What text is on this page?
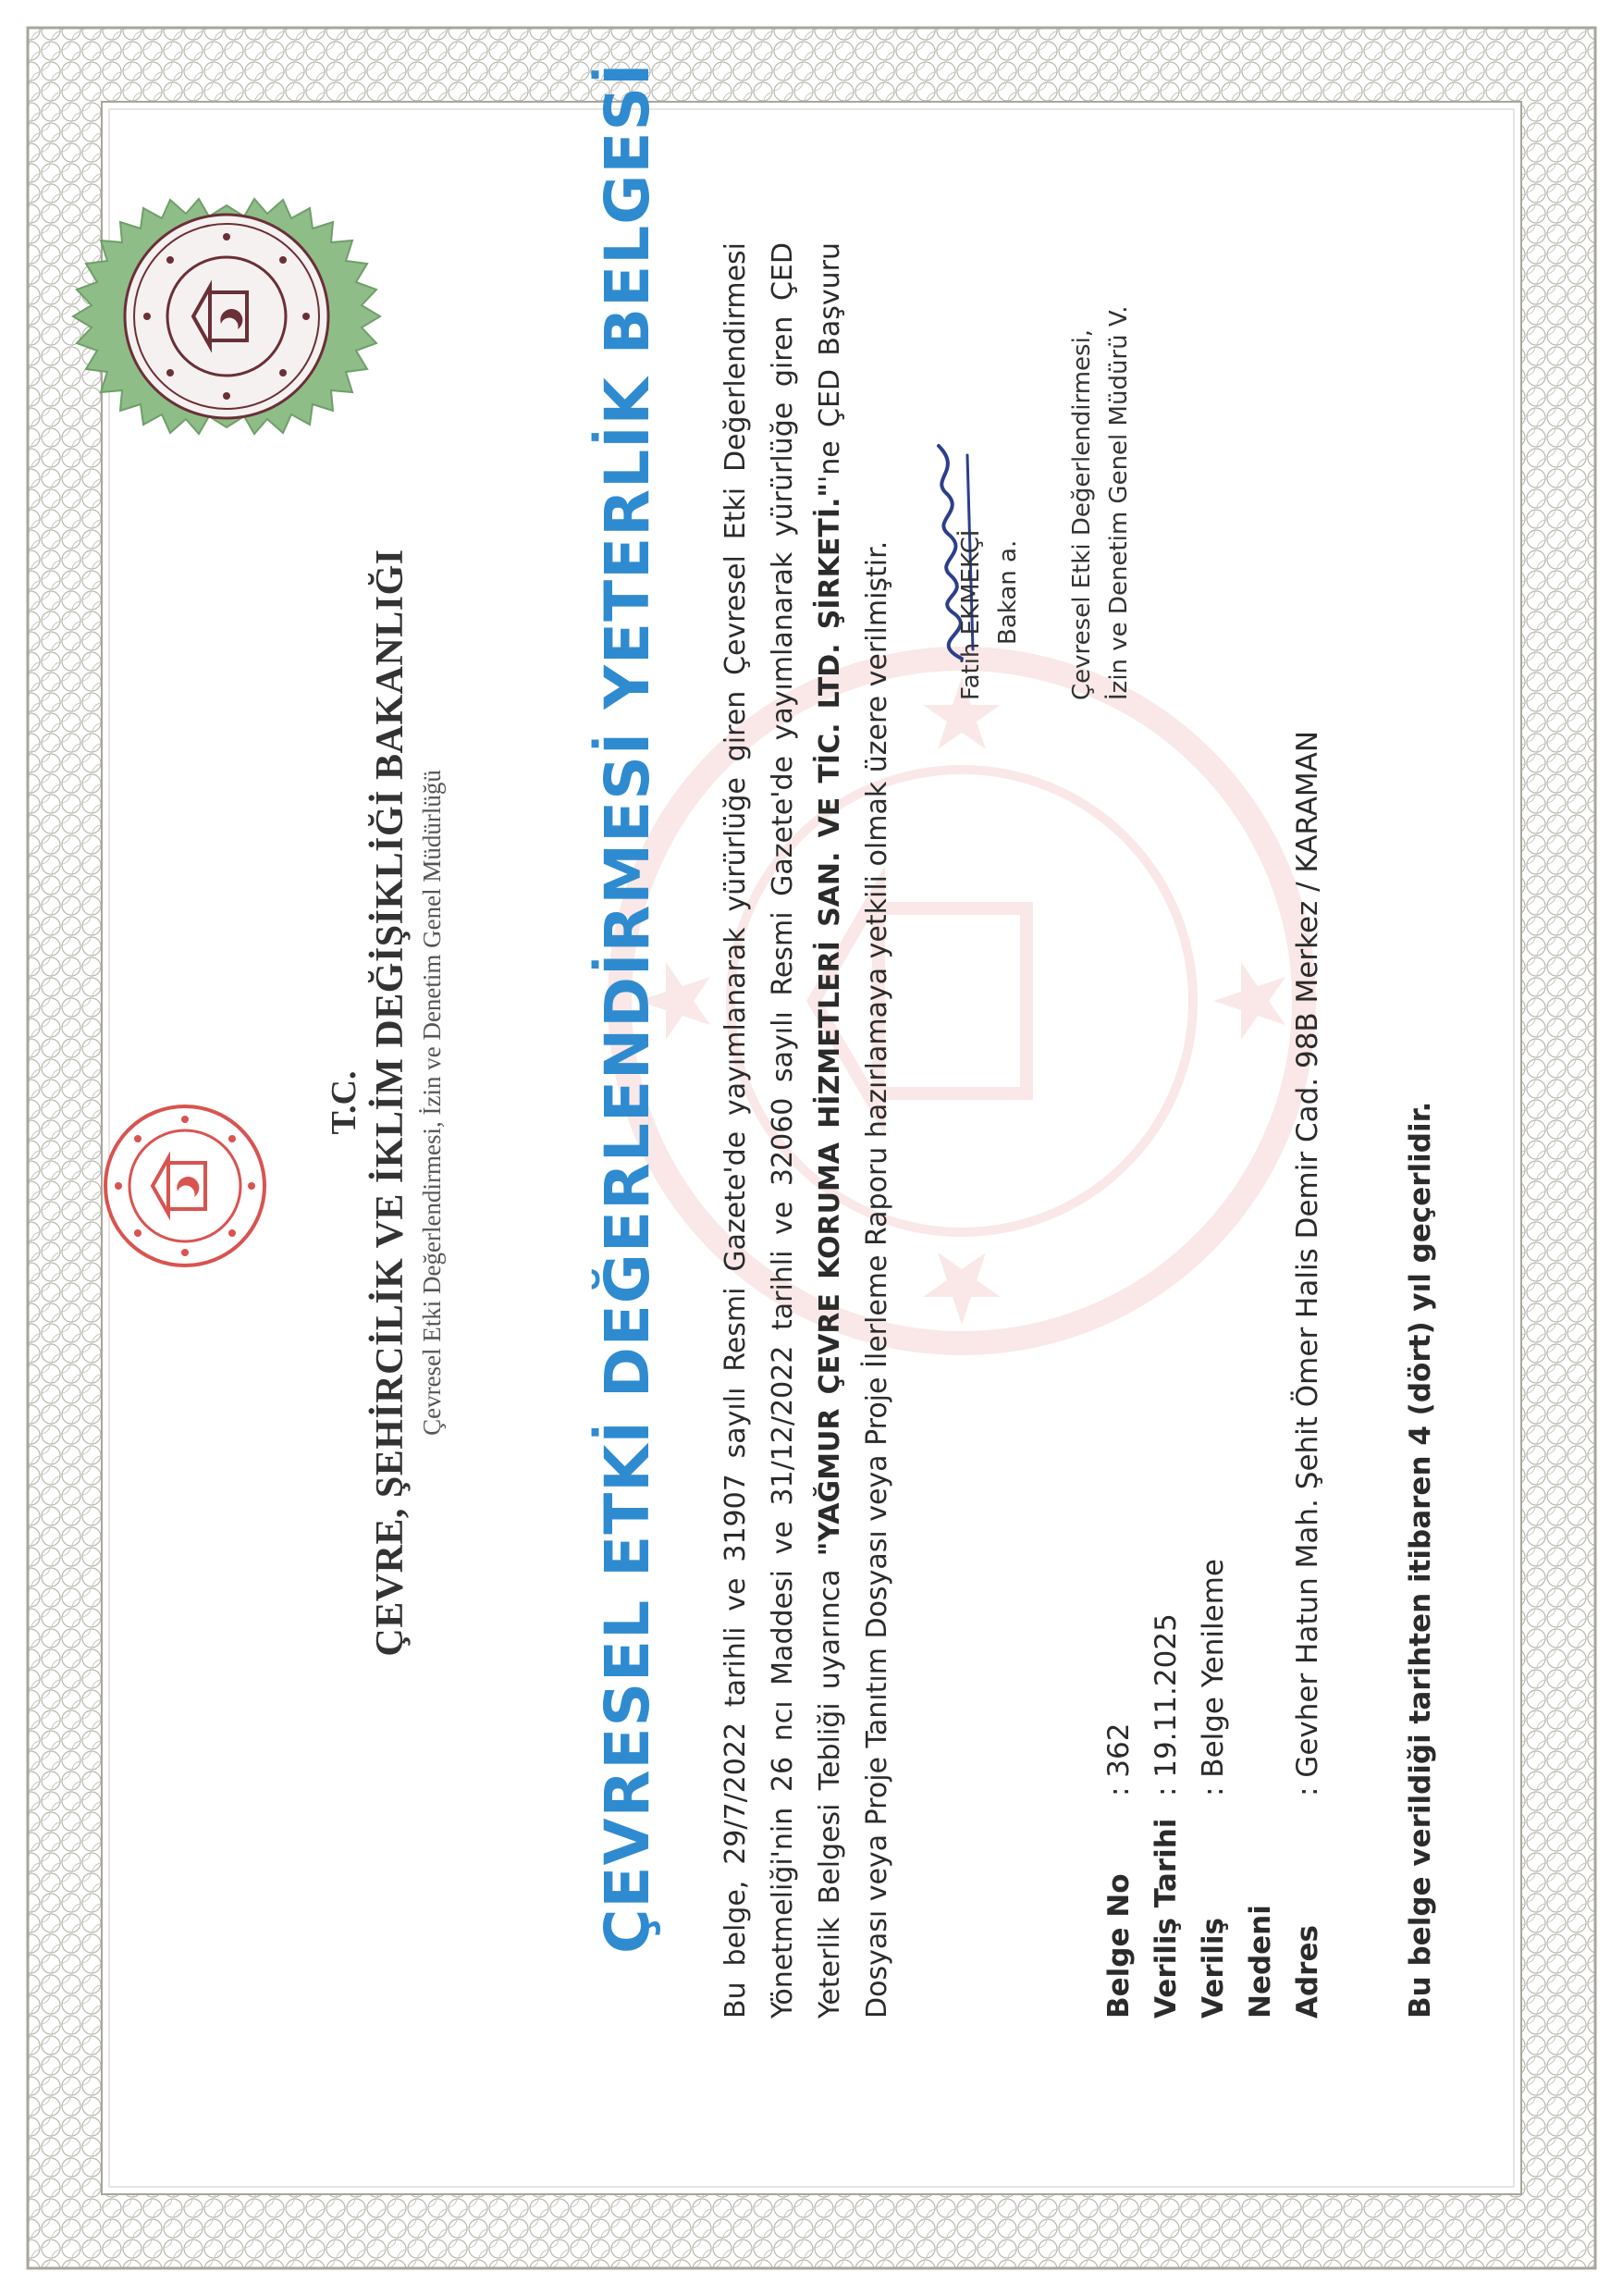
T.C. ÇEVRE, ŞEHİRCİLİK VE İKLİM DEĞİŞİKLİĞİ BAKANLIĞI Çevresel Etki Değerlendirmesi, İzin ve Denetim Genel Müdürlüğü ÇEVRESEL ETKİ DEĞERLENDİRMESİ YETERLİK BELGESİ Bu belge, 29/7/2022 tarihli ve 31907 sayılı Resmi Gazete'de yayımlanarak yürürlüğe giren Çevresel Etki Değerlendirmesi Yönetmeliği'nin 26 ncı Maddesi ve 31/12/2022 tarihli ve 32060 sayılı Resmi Gazete'de yayımlanarak yürürlüğe giren ÇED Yeterlik Belgesi Tebliği uyarınca "YAĞMUR ÇEVRE KORUMA HİZMETLERİ SAN. VE TİC. LTD. ŞİRKETİ."'ne ÇED Başvuru Dosyası veya Proje Tanıtım Dosyası veya Proje İlerleme Raporu hazırlamaya yetkili olmak üzere verilmiştir.	Fatih EKMEKÇİ Bakan a. Çevresel Etki Değerlendirmesi, İzin ve Denetim Genel Müdürü V.
Belge No
: 362
Veriliş Tarihi
: 19.11.2025
Veriliş Nedeni
: Belge Yenileme
Adres
: Gevher Hatun Mah. Şehit Ömer Halis Demir Cad. 98B Merkez / KARAMAN	Bu belge verildiği tarihten itibaren 4 (dört) yıl geçerlidir.
